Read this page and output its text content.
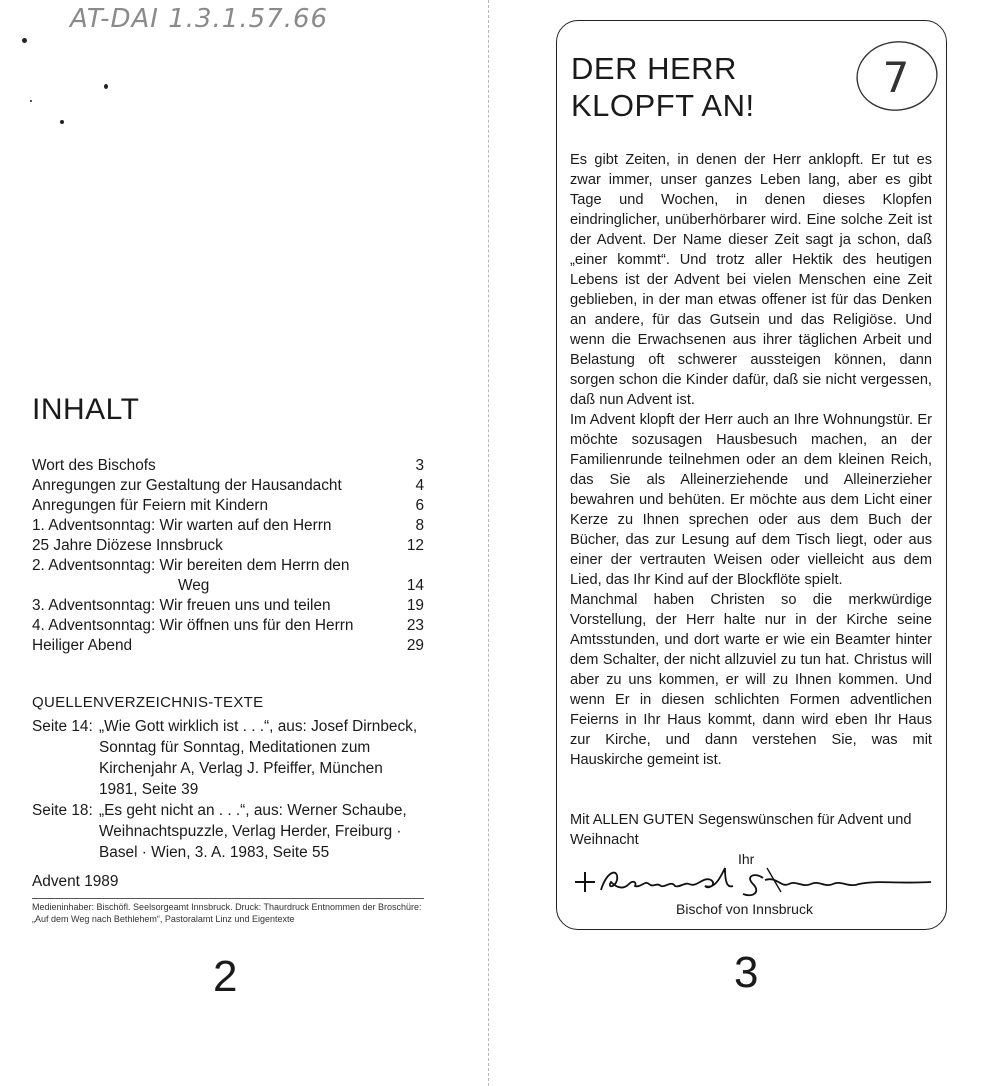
AT-DAI 1.3.1.57.66
INHALT
Wort des Bischofs	3
Anregungen zur Gestaltung der Hausandacht	4
Anregungen für Feiern mit Kindern	6
1. Adventsonntag: Wir warten auf den Herrn	8
25 Jahre Diözese Innsbruck	12
2. Adventsonntag: Wir bereiten dem Herrn den
Weg	14
3. Adventsonntag: Wir freuen uns und teilen	19
4. Adventsonntag: Wir öffnen uns für den Herrn	23
Heiliger Abend	29
QUELLENVERZEICHNIS-TEXTE
Seite 14: „Wie Gott wirklich ist . . .“, aus: Josef Dirnbeck, Sonntag für Sonntag, Meditationen zum Kirchenjahr A, Verlag J. Pfeiffer, München 1981, Seite 39
Seite 18: „Es geht nicht an . . .“, aus: Werner Schaube, Weihnachtspuzzle, Verlag Herder, Freiburg · Basel · Wien, 3. A. 1983, Seite 55
Advent 1989
Medieninhaber: Bischöfl. Seelsorgeamt Innsbruck. Druck: Thaurdruck Entnommen der Broschüre: „Auf dem Weg nach Bethlehem“, Pastoralamt Linz und Eigentexte
2
DER HERR
KLOPFT AN!
7

Es gibt Zeiten, in denen der Herr anklopft. Er tut es zwar immer, unser ganzes Leben lang, aber es gibt Tage und Wochen, in denen dieses Klopfen eindringlicher, unüberhörbarer wird. Eine solche Zeit ist der Advent. Der Name dieser Zeit sagt ja schon, daß „einer kommt“. Und trotz aller Hektik des heutigen Lebens ist der Advent bei vielen Menschen eine Zeit geblieben, in der man etwas offener ist für das Denken an andere, für das Gutsein und das Religiöse. Und wenn die Erwachsenen aus ihrer täglichen Arbeit und Belastung oft schwerer aussteigen können, dann sorgen schon die Kinder dafür, daß sie nicht vergessen, daß nun Advent ist.

Im Advent klopft der Herr auch an Ihre Wohnungstür. Er möchte sozusagen Hausbesuch machen, an der Familienrunde teilnehmen oder an dem kleinen Reich, das Sie als Alleinerziehende und Alleinerzieher bewahren und behüten. Er möchte aus dem Licht einer Kerze zu Ihnen sprechen oder aus dem Buch der Bücher, das zur Lesung auf dem Tisch liegt, oder aus einer der vertrauten Weisen oder vielleicht aus dem Lied, das Ihr Kind auf der Blockflöte spielt.

Manchmal haben Christen so die merkwürdige Vorstellung, der Herr halte nur in der Kirche seine Amtsstunden, und dort warte er wie ein Beamter hinter dem Schalter, der nicht allzuviel zu tun hat. Christus will aber zu uns kommen, er will zu Ihnen kommen. Und wenn Er in diesen schlichten Formen adventlichen Feierns in Ihr Haus kommt, dann wird eben Ihr Haus zur Kirche, und dann verstehen Sie, was mit Hauskirche gemeint ist.

Mit ALLEN GUTEN Segenswünschen für Advent und Weihnacht
Ihr
Bischof von Innsbruck
3
